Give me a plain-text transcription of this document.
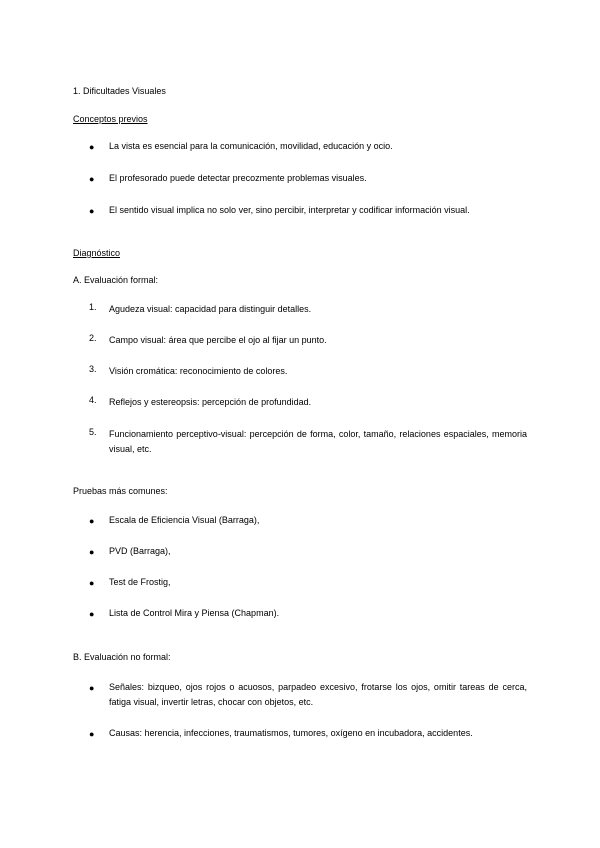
1. Dificultades Visuales
Conceptos previos
● La vista es esencial para la comunicación, movilidad, educación y ocio.
● El profesorado puede detectar precozmente problemas visuales.
● El sentido visual implica no solo ver, sino percibir, interpretar y codificar información visual.
Diagnóstico
A. Evaluación formal:
1. Agudeza visual: capacidad para distinguir detalles.
2. Campo visual: área que percibe el ojo al fijar un punto.
3. Visión cromática: reconocimiento de colores.
4. Reflejos y estereopsis: percepción de profundidad.
5. Funcionamiento perceptivo-visual: percepción de forma, color, tamaño, relaciones espaciales, memoria visual, etc.
Pruebas más comunes:
● Escala de Eficiencia Visual (Barraga),
● PVD (Barraga),
● Test de Frostig,
● Lista de Control Mira y Piensa (Chapman).
B. Evaluación no formal:
● Señales: bizqueo, ojos rojos o acuosos, parpadeo excesivo, frotarse los ojos, omitir tareas de cerca, fatiga visual, invertir letras, chocar con objetos, etc.
● Causas: herencia, infecciones, traumatismos, tumores, oxígeno en incubadora, accidentes.
